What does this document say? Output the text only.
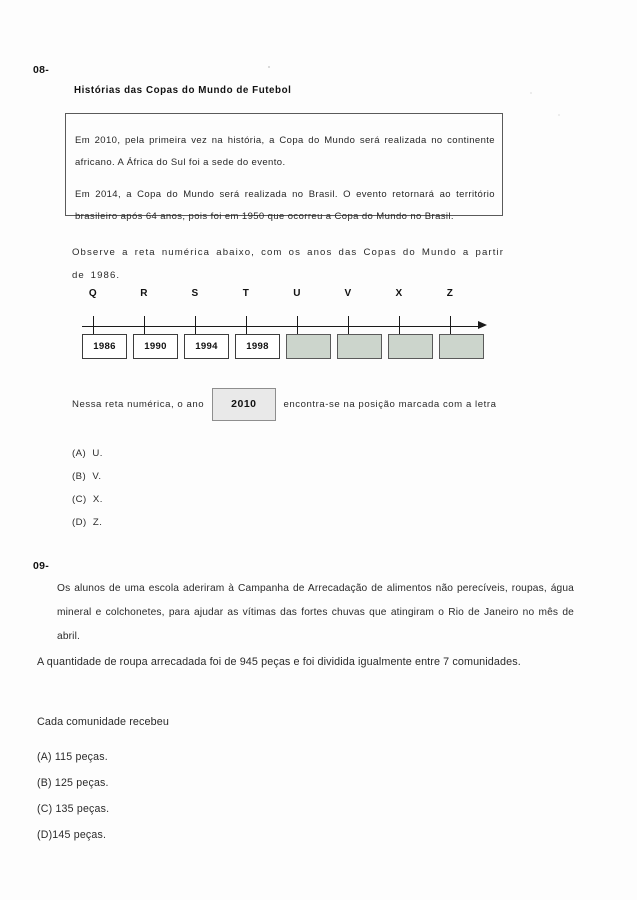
08-
Histórias das Copas do Mundo de Futebol
Em 2010, pela primeira vez na história, a Copa do Mundo será realizada no continente africano. A África do Sul foi a sede do evento.
Em 2014, a Copa do Mundo será realizada no Brasil. O evento retornará ao território brasileiro após 64 anos, pois foi em 1950 que ocorreu a Copa do Mundo no Brasil.
Observe a reta numérica abaixo, com os anos das Copas do Mundo a partir de 1986.
Q
1986
R
1990
S
1994
T
1998
U	V	X	Z
Nessa reta numérica, o ano	2010	encontra-se na posição marcada com a letra
(A)  U.
(B)  V.
(C)  X.
(D)  Z.
09-
Os alunos de uma escola aderiram à Campanha de Arrecadação de alimentos não perecíveis, roupas, água mineral e colchonetes, para ajudar as vítimas das fortes chuvas que atingiram o Rio de Janeiro no mês de abril.
A quantidade de roupa arrecadada foi de 945 peças e foi dividida igualmente entre 7 comunidades.
Cada comunidade recebeu
(A) 115 peças.
(B) 125 peças.
(C) 135 peças.
(D)145 peças.
